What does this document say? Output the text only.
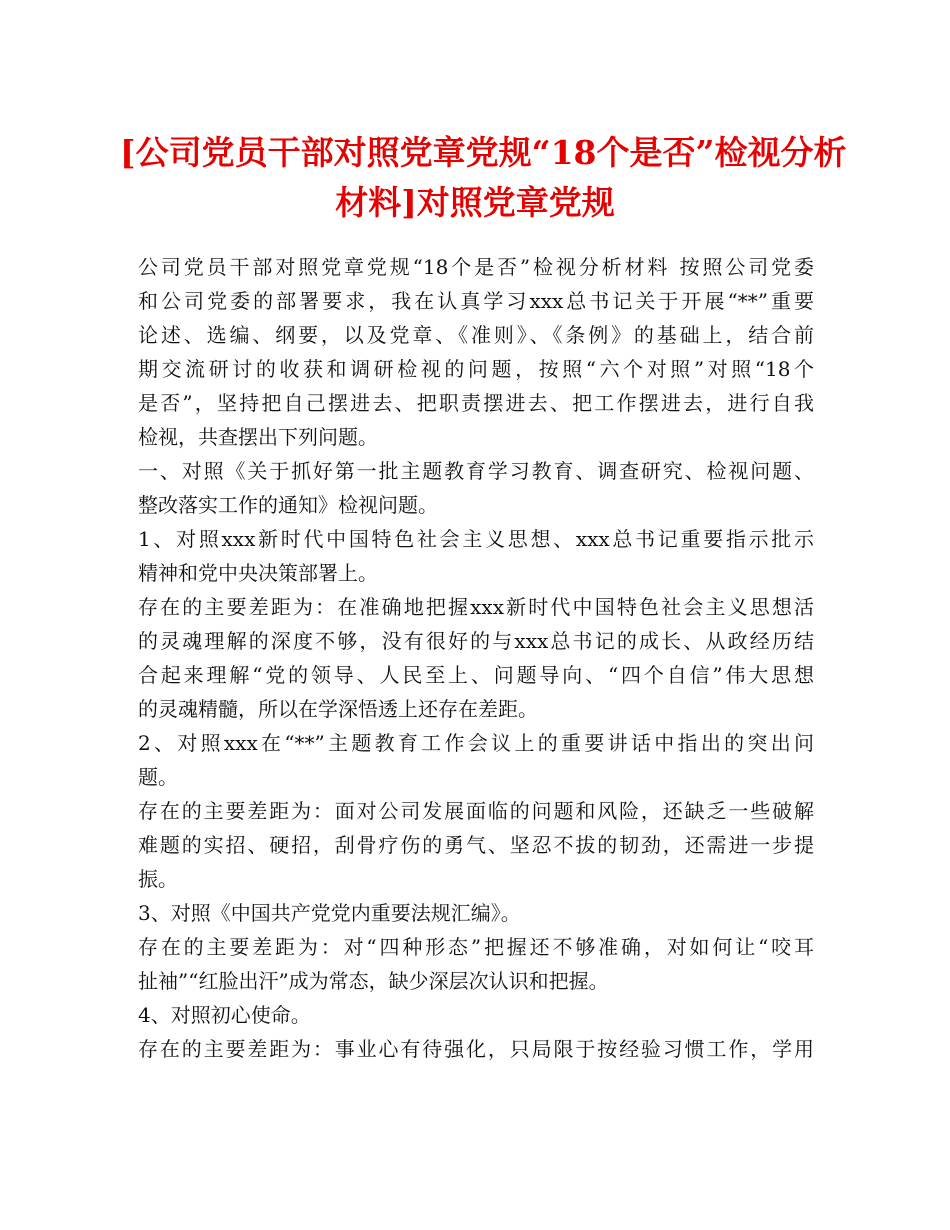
[公司党员干部对照党章党规“18个是否”检视分析
材料]对照党章党规
公司党员干部对照党章党规“18个是否”检视分析材料 按照公司党委
和公司党委的部署要求，我在认真学习xxx总书记关于开展“**”重要
论述、选编、纲要，以及党章、《准则》、《条例》的基础上，结合前
期交流研讨的收获和调研检视的问题，按照“六个对照”对照“18个
是否”，坚持把自己摆进去、把职责摆进去、把工作摆进去，进行自我
检视，共查摆出下列问题。
一、对照《关于抓好第一批主题教育学习教育、调查研究、检视问题、
整改落实工作的通知》检视问题。
1、对照xxx新时代中国特色社会主义思想、xxx总书记重要指示批示
精神和党中央决策部署上。
存在的主要差距为：在准确地把握xxx新时代中国特色社会主义思想活
的灵魂理解的深度不够，没有很好的与xxx总书记的成长、从政经历结
合起来理解“党的领导、人民至上、问题导向、“四个自信”伟大思想
的灵魂精髓，所以在学深悟透上还存在差距。
2、对照xxx在“**”主题教育工作会议上的重要讲话中指出的突出问
题。
存在的主要差距为：面对公司发展面临的问题和风险，还缺乏一些破解
难题的实招、硬招，刮骨疗伤的勇气、坚忍不拔的韧劲，还需进一步提
振。
3、对照《中国共产党党内重要法规汇编》。
存在的主要差距为：对“四种形态”把握还不够准确，对如何让“咬耳
扯袖”“红脸出汗”成为常态，缺少深层次认识和把握。
4、对照初心使命。
存在的主要差距为：事业心有待强化，只局限于按经验习惯工作，学用
